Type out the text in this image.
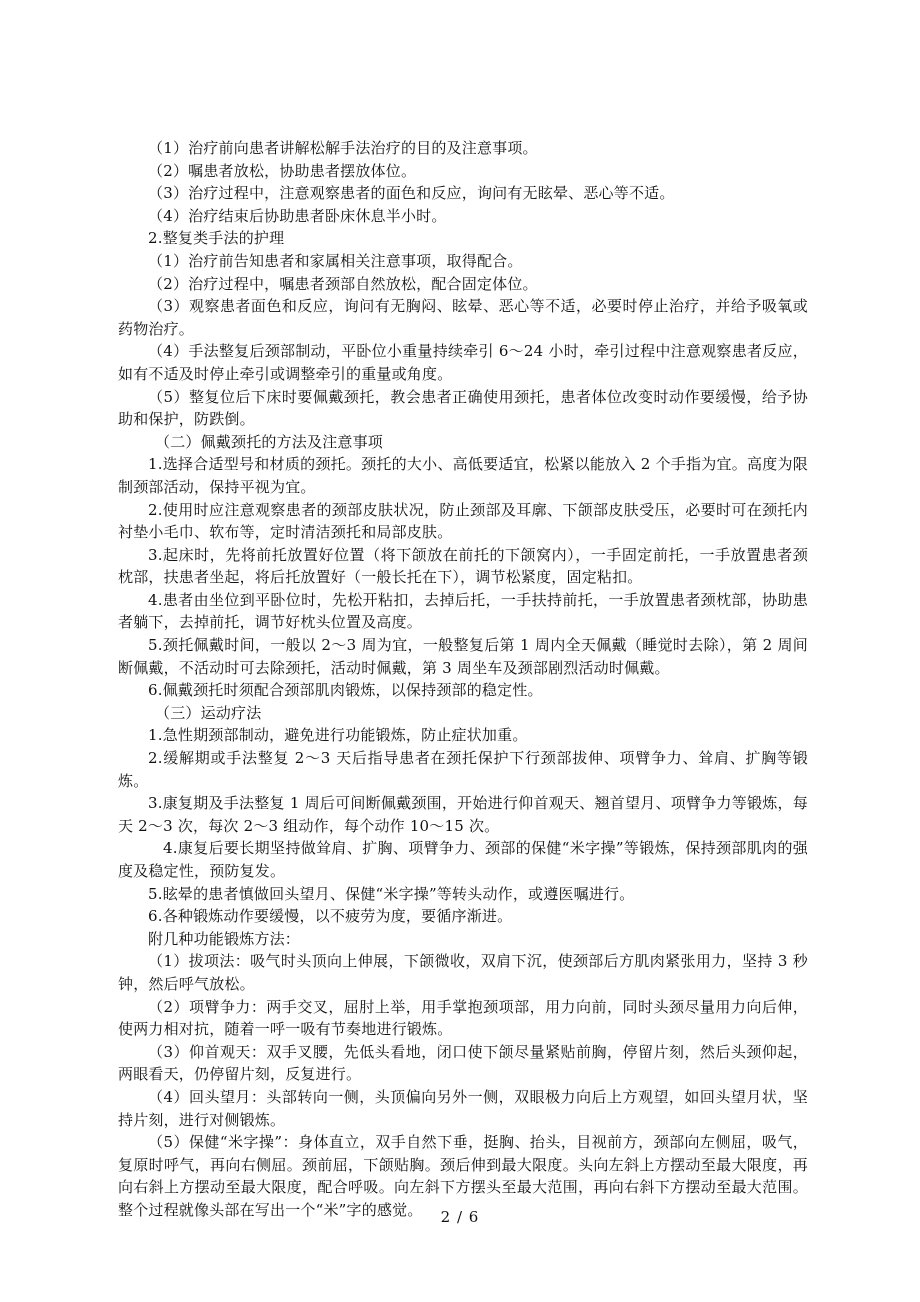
（1）治疗前向患者讲解松解手法治疗的目的及注意事项。

（2）嘱患者放松，协助患者摆放体位。

（3）治疗过程中，注意观察患者的面色和反应，询问有无眩晕、恶心等不适。

（4）治疗结束后协助患者卧床休息半小时。

2.整复类手法的护理

（1）治疗前告知患者和家属相关注意事项，取得配合。

（2）治疗过程中，嘱患者颈部自然放松，配合固定体位。

（3）观察患者面色和反应，询问有无胸闷、眩晕、恶心等不适，必要时停止治疗，并给予吸氧或药物治疗。

（4）手法整复后颈部制动，平卧位小重量持续牵引 6～24 小时，牵引过程中注意观察患者反应，如有不适及时停止牵引或调整牵引的重量或角度。

（5）整复位后下床时要佩戴颈托，教会患者正确使用颈托，患者体位改变时动作要缓慢，给予协助和保护，防跌倒。

（二）佩戴颈托的方法及注意事项

1.选择合适型号和材质的颈托。颈托的大小、高低要适宜，松紧以能放入 2 个手指为宜。高度为限制颈部活动，保持平视为宜。

2.使用时应注意观察患者的颈部皮肤状况，防止颈部及耳廓、下颌部皮肤受压，必要时可在颈托内衬垫小毛巾、软布等，定时清洁颈托和局部皮肤。

3.起床时，先将前托放置好位置（将下颌放在前托的下颌窝内），一手固定前托，一手放置患者颈枕部，扶患者坐起，将后托放置好（一般长托在下），调节松紧度，固定粘扣。

4.患者由坐位到平卧位时，先松开粘扣，去掉后托，一手扶持前托，一手放置患者颈枕部，协助患者躺下，去掉前托，调节好枕头位置及高度。

5.颈托佩戴时间，一般以 2～3 周为宜，一般整复后第 1 周内全天佩戴（睡觉时去除），第 2 周间断佩戴，不活动时可去除颈托，活动时佩戴，第 3 周坐车及颈部剧烈活动时佩戴。

6.佩戴颈托时须配合颈部肌肉锻炼，以保持颈部的稳定性。

（三）运动疗法

1.急性期颈部制动，避免进行功能锻炼，防止症状加重。

2.缓解期或手法整复 2～3 天后指导患者在颈托保护下行颈部拔伸、项臂争力、耸肩、扩胸等锻炼。

3.康复期及手法整复 1 周后可间断佩戴颈围，开始进行仰首观天、翘首望月、项臂争力等锻炼，每天 2～3 次，每次 2～3 组动作，每个动作 10～15 次。

4.康复后要长期坚持做耸肩、扩胸、项臂争力、颈部的保健“米字操”等锻炼，保持颈部肌肉的强度及稳定性，预防复发。

5.眩晕的患者慎做回头望月、保健“米字操”等转头动作，或遵医嘱进行。

6.各种锻炼动作要缓慢，以不疲劳为度，要循序渐进。

附几种功能锻炼方法：

（1）拔项法：吸气时头顶向上伸展，下颌微收，双肩下沉，使颈部后方肌肉紧张用力，坚持 3 秒钟，然后呼气放松。

（2）项臂争力：两手交叉，屈肘上举，用手掌抱颈项部，用力向前，同时头颈尽量用力向后伸，使两力相对抗，随着一呼一吸有节奏地进行锻炼。

（3）仰首观天：双手叉腰，先低头看地，闭口使下颌尽量紧贴前胸，停留片刻，然后头颈仰起，两眼看天，仍停留片刻，反复进行。

（4）回头望月：头部转向一侧，头顶偏向另外一侧，双眼极力向后上方观望，如回头望月状，坚持片刻，进行对侧锻炼。

（5）保健“米字操”：身体直立，双手自然下垂，挺胸、抬头，目视前方，颈部向左侧屈，吸气，复原时呼气，再向右侧屈。颈前屈，下颌贴胸。颈后伸到最大限度。头向左斜上方摆动至最大限度，再向右斜上方摆动至最大限度，配合呼吸。向左斜下方摆头至最大范围，再向右斜下方摆动至最大范围。整个过程就像头部在写出一个“米”字的感觉。	2 / 6
